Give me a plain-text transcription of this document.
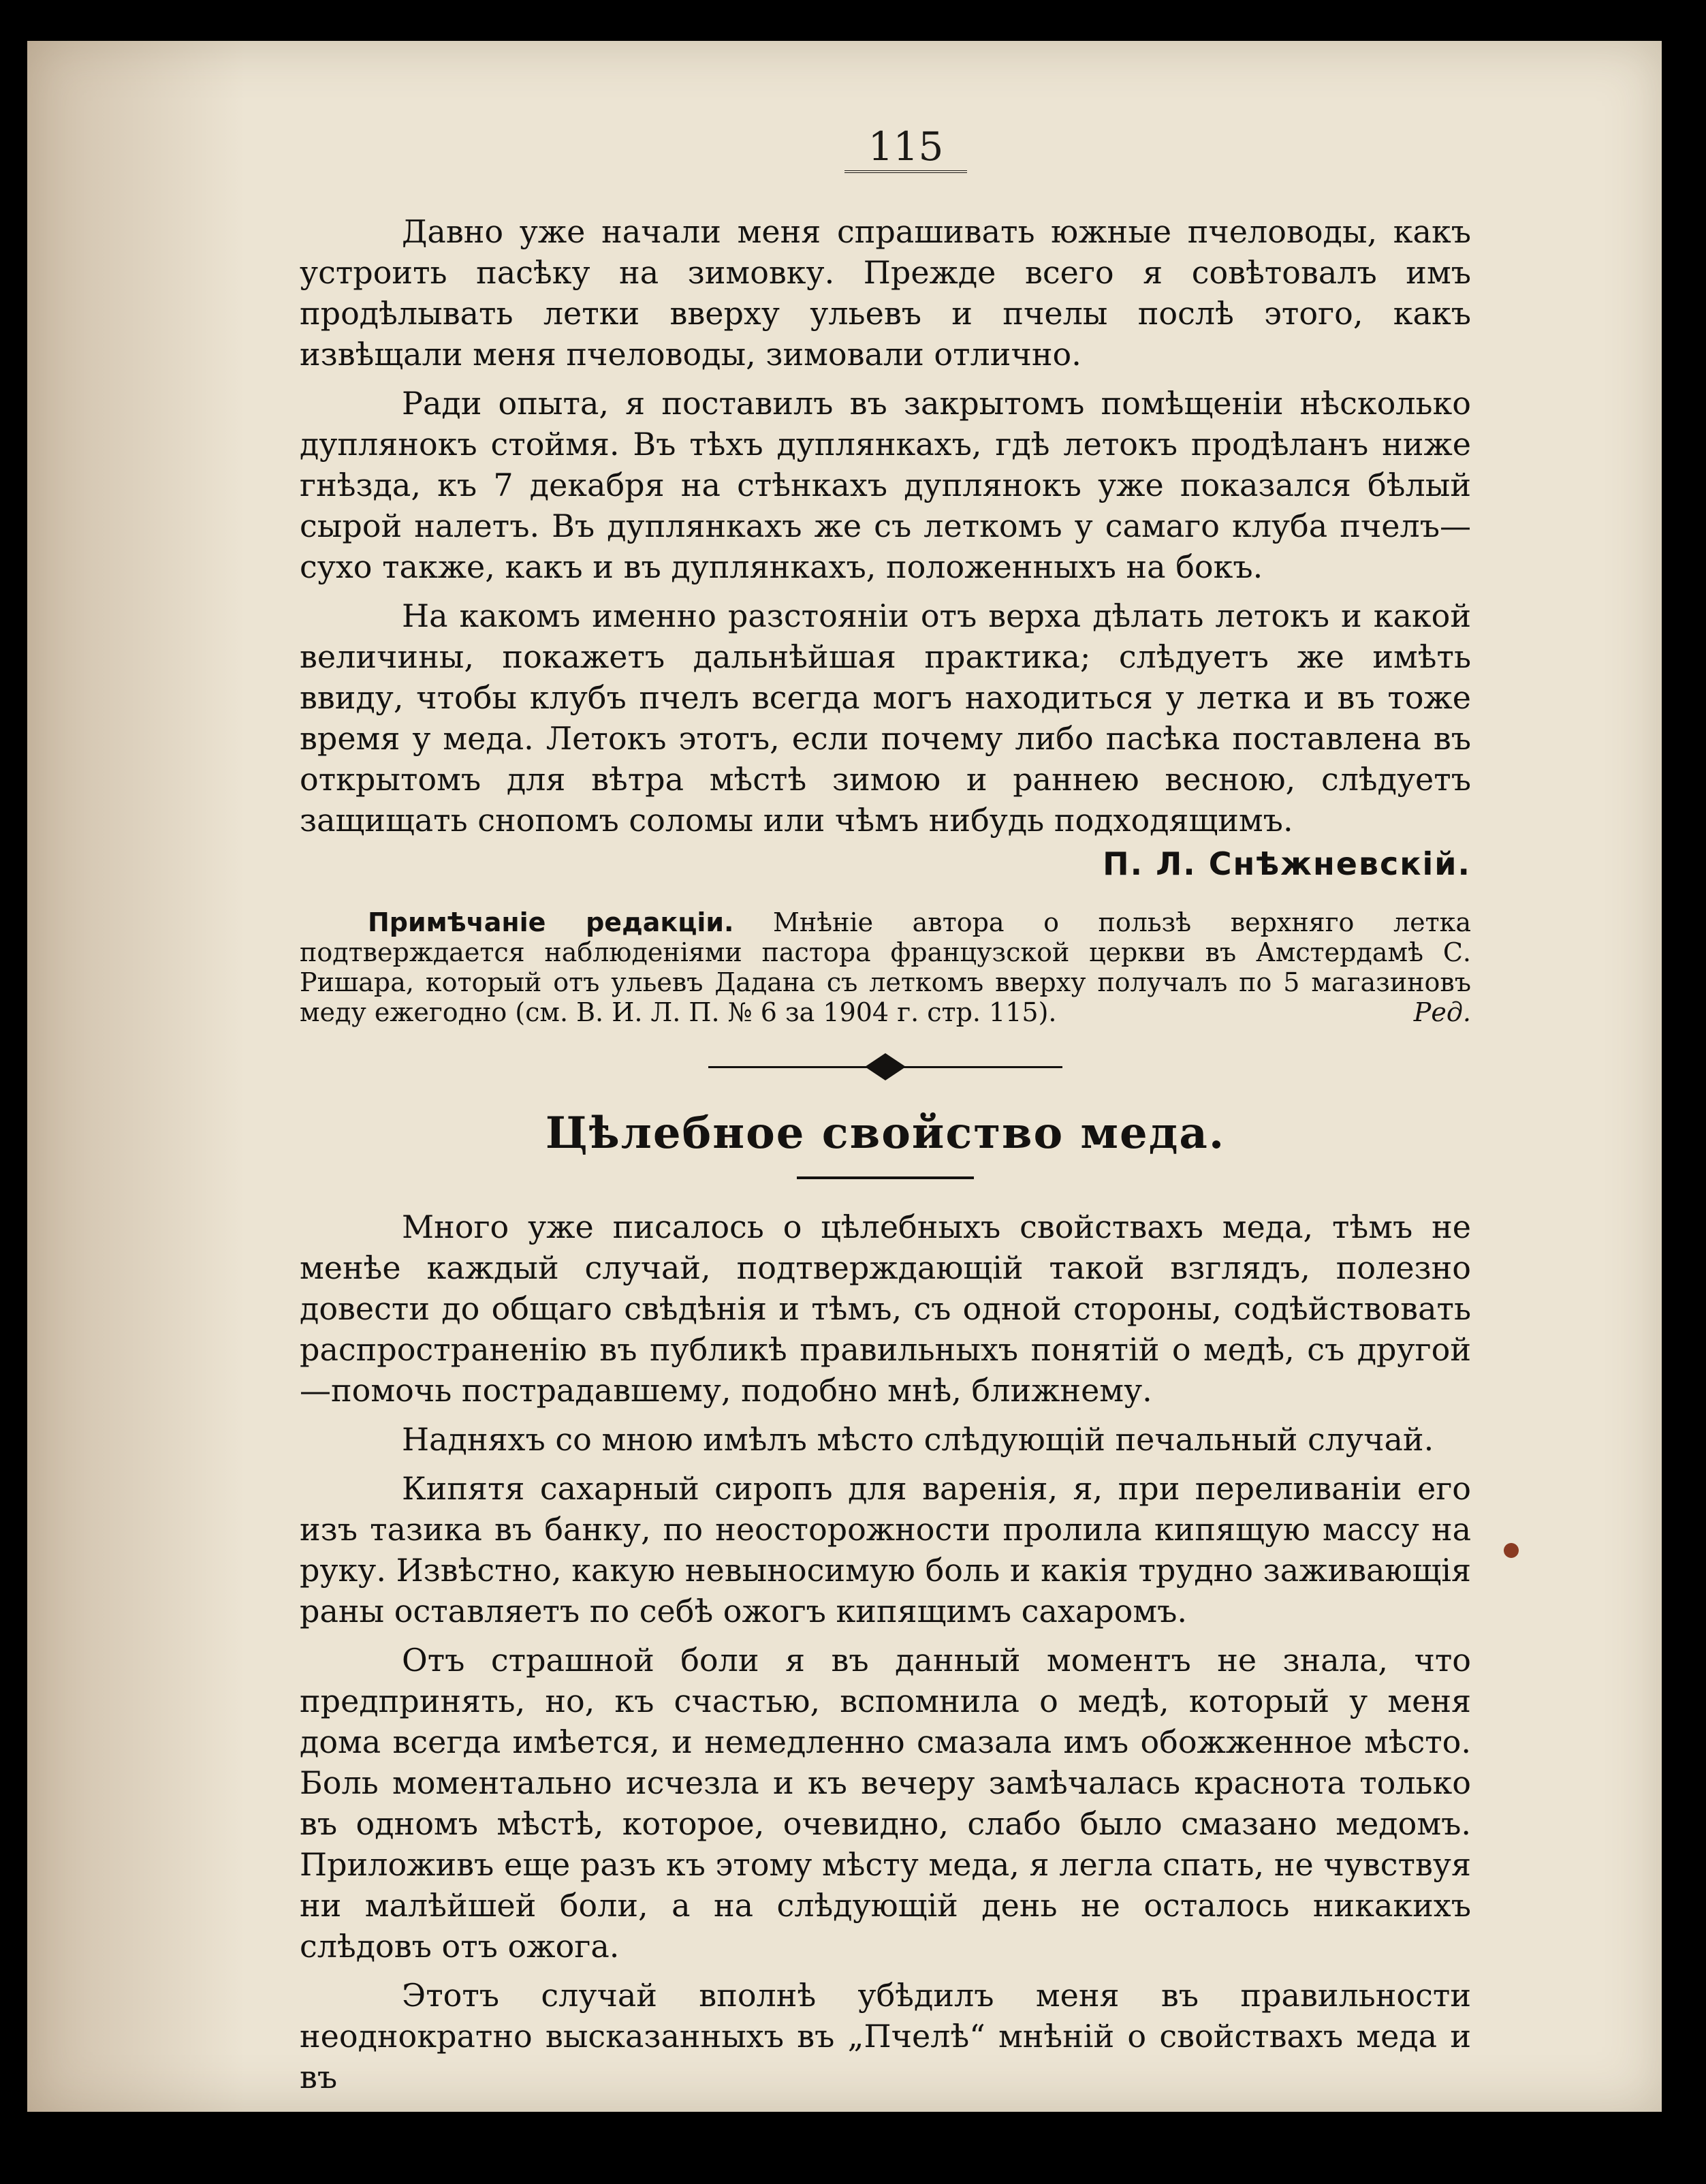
115

Давно уже начали меня спрашивать южные пчеловоды, какъ устроить пасѣку на зимовку. Прежде всего я совѣтовалъ имъ продѣлывать летки вверху ульевъ и пчелы послѣ этого, какъ извѣщали меня пчеловоды, зимовали отлично.

Ради опыта, я поставилъ въ закрытомъ помѣщеніи нѣсколько дуплянокъ стоймя. Въ тѣхъ дуплянкахъ, гдѣ летокъ продѣланъ ниже гнѣзда, къ 7 декабря на стѣнкахъ дуплянокъ уже показался бѣлый сырой налетъ. Въ дуплянкахъ же съ леткомъ у самаго клуба пчелъ—сухо также, какъ и въ дуплянкахъ, положенныхъ на бокъ.

На какомъ именно разстояніи отъ верха дѣлать летокъ и какой величины, покажетъ дальнѣйшая практика; слѣдуетъ же имѣть ввиду, чтобы клубъ пчелъ всегда могъ находиться у летка и въ тоже время у меда. Летокъ этотъ, если почему либо пасѣка поставлена въ открытомъ для вѣтра мѣстѣ зимою и раннею весною, слѣдуетъ защищать снопомъ соломы или чѣмъ нибудь подходящимъ.

П. Л. Снѣжневскій.

Примѣчаніе редакціи. Мнѣніе автора о пользѣ верхняго летка подтверждается наблюденіями пастора французской церкви въ Амстердамѣ С. Ришара, который отъ ульевъ Дадана съ леткомъ вверху получалъ по 5 магазиновъ меду ежегодно (см. В. И. Л. П. № 6 за 1904 г. стр. 115).	Ред.

Цѣлебное свойство меда.

Много уже писалось о цѣлебныхъ свойствахъ меда, тѣмъ не менѣе каждый случай, подтверждающій такой взглядъ, полезно довести до общаго свѣдѣнія и тѣмъ, съ одной стороны, содѣйствовать распространенію въ публикѣ правильныхъ понятій о медѣ, съ другой—помочь пострадавшему, подобно мнѣ, ближнему.

Надняхъ со мною имѣлъ мѣсто слѣдующій печальный случай.

Кипятя сахарный сиропъ для варенія, я, при переливаніи его изъ тазика въ банку, по неосторожности пролила кипящую массу на руку. Извѣстно, какую невыносимую боль и какія трудно заживающія раны оставляетъ по себѣ ожогъ кипящимъ сахаромъ.

Отъ страшной боли я въ данный моментъ не знала, что предпринять, но, къ счастью, вспомнила о медѣ, который у меня дома всегда имѣется, и немедленно смазала имъ обожженное мѣсто. Боль моментально исчезла и къ вечеру замѣчалась краснота только въ одномъ мѣстѣ, которое, очевидно, слабо было смазано медомъ. Приложивъ еще разъ къ этому мѣсту меда, я легла спать, не чувствуя ни малѣйшей боли, а на слѣдующій день не осталось никакихъ слѣдовъ отъ ожога.

Этотъ случай вполнѣ убѣдилъ меня въ правильности неоднократно высказанныхъ въ „Пчелѣ“ мнѣній о свойствахъ меда и въ
